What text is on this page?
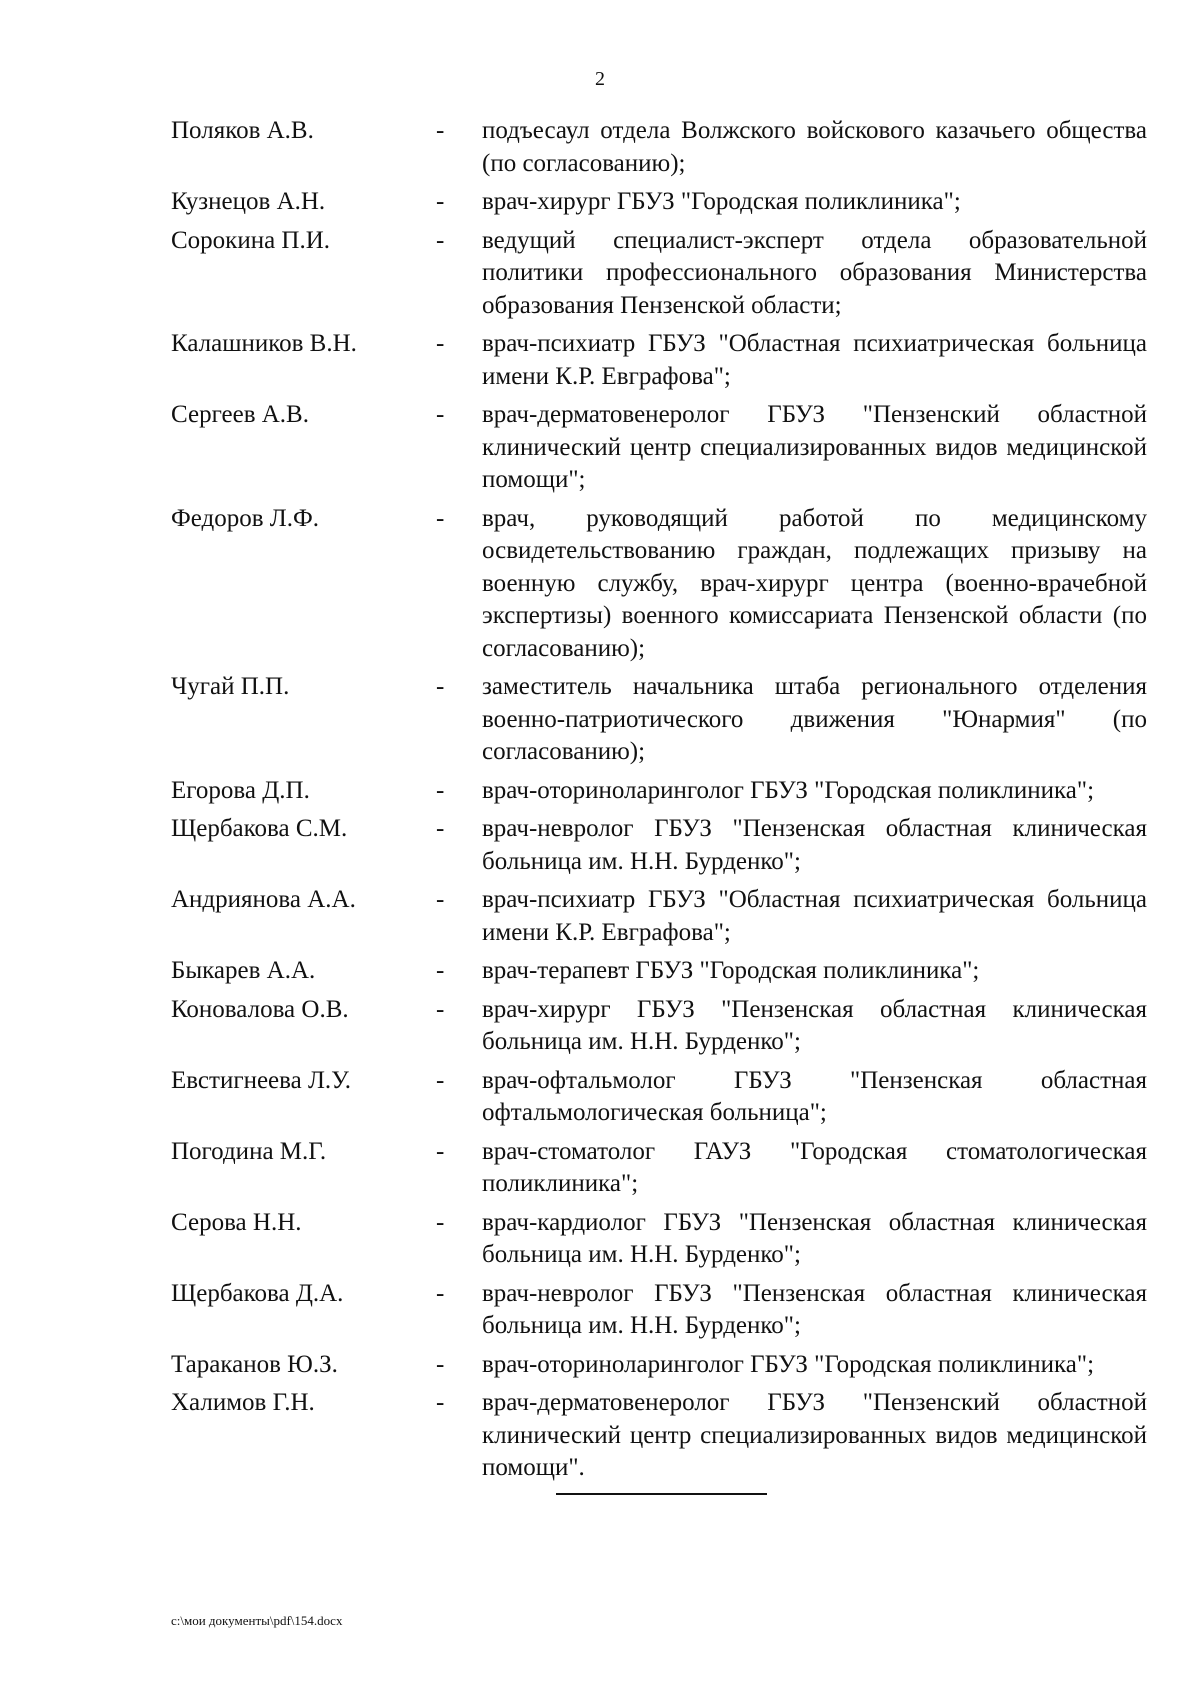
2
Поляков А.В.	-	подъесаул отдела Волжского войскового казачьего общества (по согласованию);
Кузнецов А.Н.	-	врач-хирург ГБУЗ "Городская поликлиника";
Сорокина П.И.	-	ведущий специалист-эксперт отдела образовательной политики профессионального образования Министерства образования Пензенской области;
Калашников В.Н.	-	врач-психиатр ГБУЗ "Областная психиатрическая больница имени К.Р. Евграфова";
Сергеев А.В.	-	врач-дерматовенеролог ГБУЗ "Пензенский областной клинический центр специализированных видов медицинской помощи";
Федоров Л.Ф.	-	врач, руководящий работой по медицинскому освидетельствованию граждан, подлежащих призыву на военную службу, врач-хирург центра (военно-врачебной экспертизы) военного комиссариата Пензенской области (по согласованию);
Чугай П.П.	-	заместитель начальника штаба регионального отделения военно-патриотического движения "Юнармия" (по согласованию);
Егорова Д.П.	-	врач-оториноларинголог ГБУЗ "Городская поликлиника";
Щербакова С.М.	-	врач-невролог ГБУЗ "Пензенская областная клиническая больница им. Н.Н. Бурденко";
Андриянова А.А.	-	врач-психиатр ГБУЗ "Областная психиатрическая больница имени К.Р. Евграфова";
Быкарев А.А.	-	врач-терапевт ГБУЗ "Городская поликлиника";
Коновалова О.В.	-	врач-хирург ГБУЗ "Пензенская областная клиническая больница им. Н.Н. Бурденко";
Евстигнеева Л.У.	-	врач-офтальмолог ГБУЗ "Пензенская областная офтальмологическая больница";
Погодина М.Г.	-	врач-стоматолог ГАУЗ "Городская стоматологическая поликлиника";
Серова Н.Н.	-	врач-кардиолог ГБУЗ "Пензенская областная клиническая больница им. Н.Н. Бурденко";
Щербакова Д.А.	-	врач-невролог ГБУЗ "Пензенская областная клиническая больница им. Н.Н. Бурденко";
Тараканов Ю.З.	-	врач-оториноларинголог ГБУЗ "Городская поликлиника";
Халимов Г.Н.	-	врач-дерматовенеролог ГБУЗ "Пензенский областной клинический центр специализированных видов медицинской помощи".
c:\мои документы\pdf\154.docx
